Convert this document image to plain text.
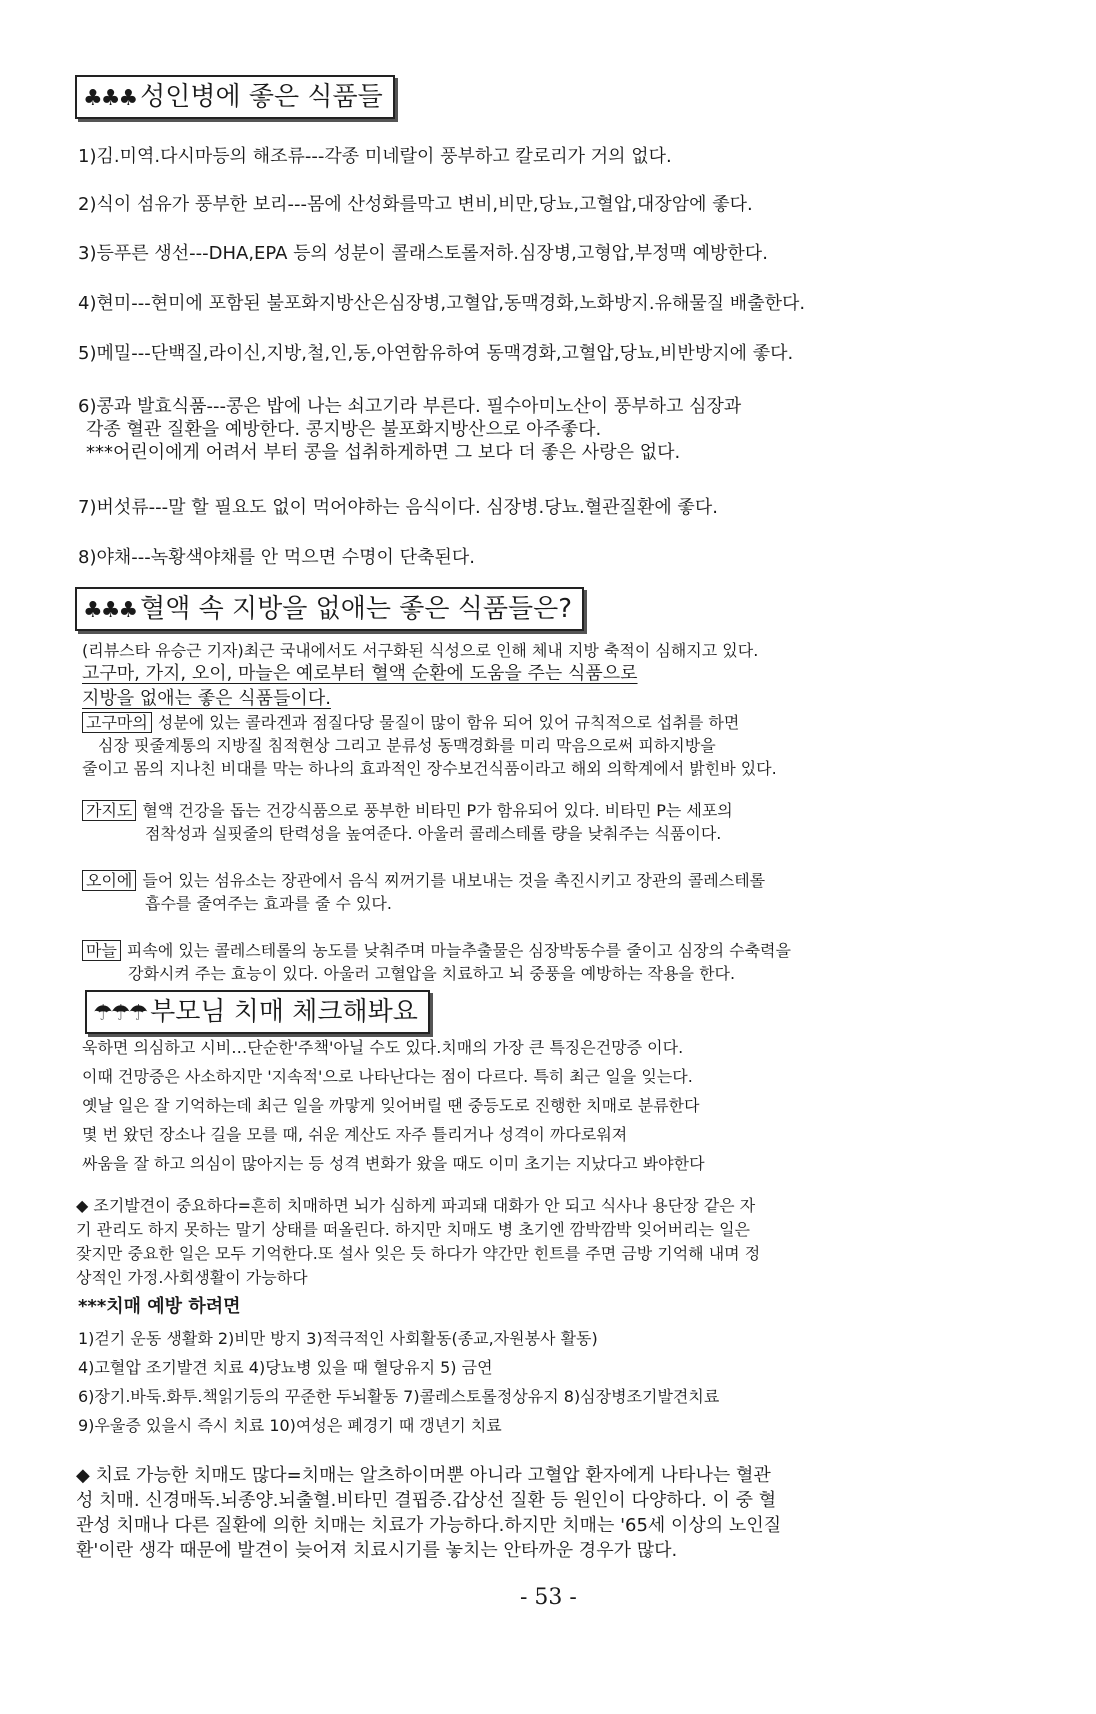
♣♣♣ 성인병에 좋은 식품들
1)김.미역.다시마등의 해조류---각종 미네랄이 풍부하고 칼로리가 거의 없다.
2)식이 섬유가 풍부한 보리---몸에 산성화를막고 변비,비만,당뇨,고혈압,대장암에 좋다.
3)등푸른 생선---DHA,EPA 등의 성분이 콜래스토롤저하.심장병,고형압,부정맥 예방한다.
4)현미---현미에 포함된 불포화지방산은심장병,고혈압,동맥경화,노화방지.유해물질 배출한다.
5)메밀---단백질,라이신,지방,철,인,동,아연함유하여 동맥경화,고혈압,당뇨,비반방지에 좋다.
6)콩과 발효식품---콩은 밥에 나는 쇠고기라 부른다. 필수아미노산이 풍부하고 심장과
각종 혈관 질환을 예방한다. 콩지방은 불포화지방산으로 아주좋다.
***어린이에게 어려서 부터 콩을 섭취하게하면 그 보다 더 좋은 사랑은 없다.
7)버섯류---말 할 필요도 없이 먹어야하는 음식이다. 심장병.당뇨.혈관질환에 좋다.
8)야채---녹황색야채를 안 먹으면 수명이 단축된다.
♣♣♣ 혈액 속 지방을 없애는 좋은 식품들은?
(리뷰스타 유승근 기자)최근 국내에서도 서구화된 식성으로 인해 체내 지방 축적이 심해지고 있다.
고구마, 가지, 오이, 마늘은 예로부터 혈액 순환에 도움을 주는 식품으로
지방을 없애는 좋은 식품들이다.
고구마의 성분에 있는 콜라겐과 점질다당 물질이 많이 함유 되어 있어 규칙적으로 섭취를 하면
심장 핏줄계통의 지방질 침적현상 그리고 분류성 동맥경화를 미리 막음으로써 피하지방을
줄이고 몸의 지나친 비대를 막는 하나의 효과적인 장수보건식품이라고 해외 의학계에서 밝힌바 있다.
가지도 혈액 건강을 돕는 건강식품으로 풍부한 비타민 P가 함유되어 있다. 비타민 P는 세포의
점착성과 실핏줄의 탄력성을 높여준다. 아울러 콜레스테롤 량을 낮춰주는 식품이다.
오이에 들어 있는 섬유소는 장관에서 음식 찌꺼기를 내보내는 것을 촉진시키고 장관의 콜레스테롤
흡수를 줄여주는 효과를 줄 수 있다.
마늘 피속에 있는 콜레스테롤의 농도를 낮춰주며 마늘추출물은 심장박동수를 줄이고 심장의 수축력을
강화시켜 주는 효능이 있다. 아울러 고혈압을 치료하고 뇌 중풍을 예방하는 작용을 한다.
☂☂☂ 부모님 치매 체크해봐요
욱하면 의심하고 시비…단순한'주책'아닐 수도 있다.치매의 가장 큰 특징은건망증 이다.
이때 건망증은 사소하지만 '지속적'으로 나타난다는 점이 다르다. 특히 최근 일을 잊는다.
옛날 일은 잘 기억하는데 최근 일을 까맣게 잊어버릴 땐 중등도로 진행한 치매로 분류한다
몇 번 왔던 장소나 길을 모를 때, 쉬운 계산도 자주 틀리거나 성격이 까다로워져
싸움을 잘 하고 의심이 많아지는 등 성격 변화가 왔을 때도 이미 초기는 지났다고 봐야한다
◆ 조기발견이 중요하다=흔히 치매하면 뇌가 심하게 파괴돼 대화가 안 되고 식사나 용단장 같은 자
기 관리도 하지 못하는 말기 상태를 떠올린다. 하지만 치매도 병 초기엔 깜박깜박 잊어버리는 일은
잦지만 중요한 일은 모두 기억한다.또 설사 잊은 듯 하다가 약간만 힌트를 주면 금방 기억해 내며 정
상적인 가정.사회생활이 가능하다
***치매 예방 하려면
1)걷기 운동 생활화 2)비만 방지 3)적극적인 사회활동(종교,자원봉사 활동)
4)고혈압 조기발견 치료 4)당뇨병 있을 때 혈당유지 5) 금연
6)장기.바둑.화투.책읽기등의 꾸준한 두뇌활동 7)콜레스토롤정상유지 8)심장병조기발견치료
9)우울증 있을시 즉시 치료 10)여성은 폐경기 때 갱년기 치료
◆ 치료 가능한 치매도 많다=치매는 알츠하이머뿐 아니라 고혈압 환자에게 나타나는 혈관
성 치매. 신경매독.뇌종양.뇌출혈.비타민 결핍증.갑상선 질환 등 원인이 다양하다. 이 중 혈
관성 치매나 다른 질환에 의한 치매는 치료가 가능하다.하지만 치매는 '65세 이상의 노인질
환'이란 생각 때문에 발견이 늦어져 치료시기를 놓치는 안타까운 경우가 많다.
- 53 -
